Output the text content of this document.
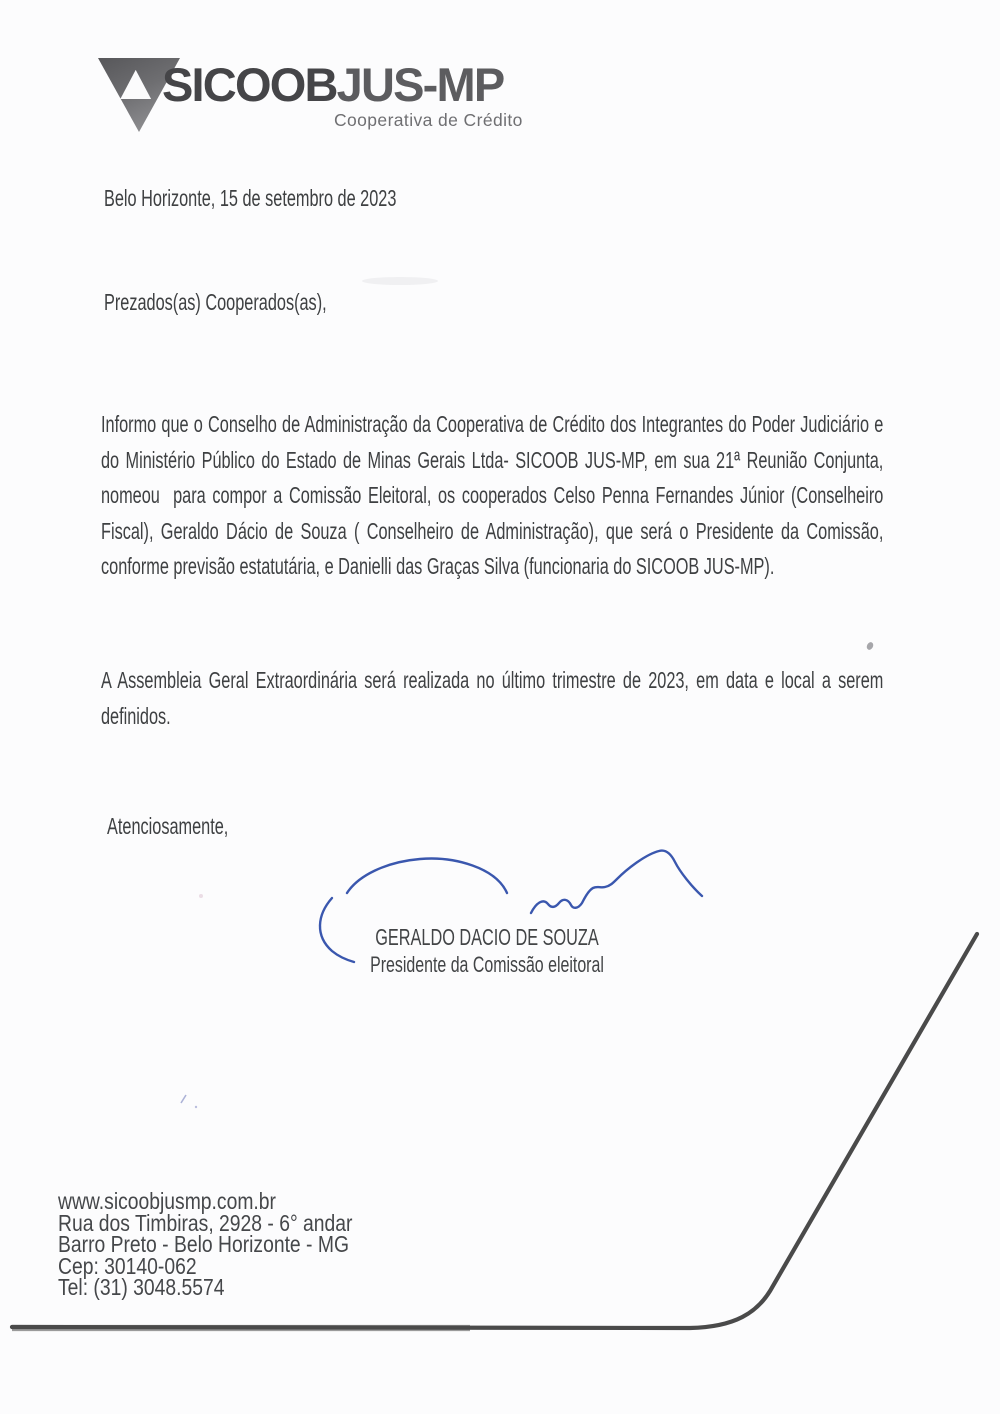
SICOOBJUS-MP
Cooperativa de Crédito
Belo Horizonte, 15 de setembro de 2023
Prezados(as) Cooperados(as),
Informo que o Conselho de Administração da Cooperativa de Crédito dos Integrantes do Poder Judiciário e do Ministério Público do Estado de Minas Gerais Ltda- SICOOB JUS-MP, em sua 21ª Reunião Conjunta, nomeou  para compor a Comissão Eleitoral, os cooperados Celso Penna Fernandes Júnior (Conselheiro Fiscal), Geraldo Dácio de Souza ( Conselheiro de Administração), que será o Presidente da Comissão, conforme previsão estatutária, e Danielli das Graças Silva (funcionaria do SICOOB JUS-MP).
A Assembleia Geral Extraordinária será realizada no último trimestre de 2023, em data e local a serem definidos.
Atenciosamente,
GERALDO DACIO DE SOUZA
Presidente da Comissão eleitoral
www.sicoobjusmp.com.br
Rua dos Timbiras, 2928 - 6° andar
Barro Preto - Belo Horizonte - MG
Cep: 30140-062
Tel: (31) 3048.5574
